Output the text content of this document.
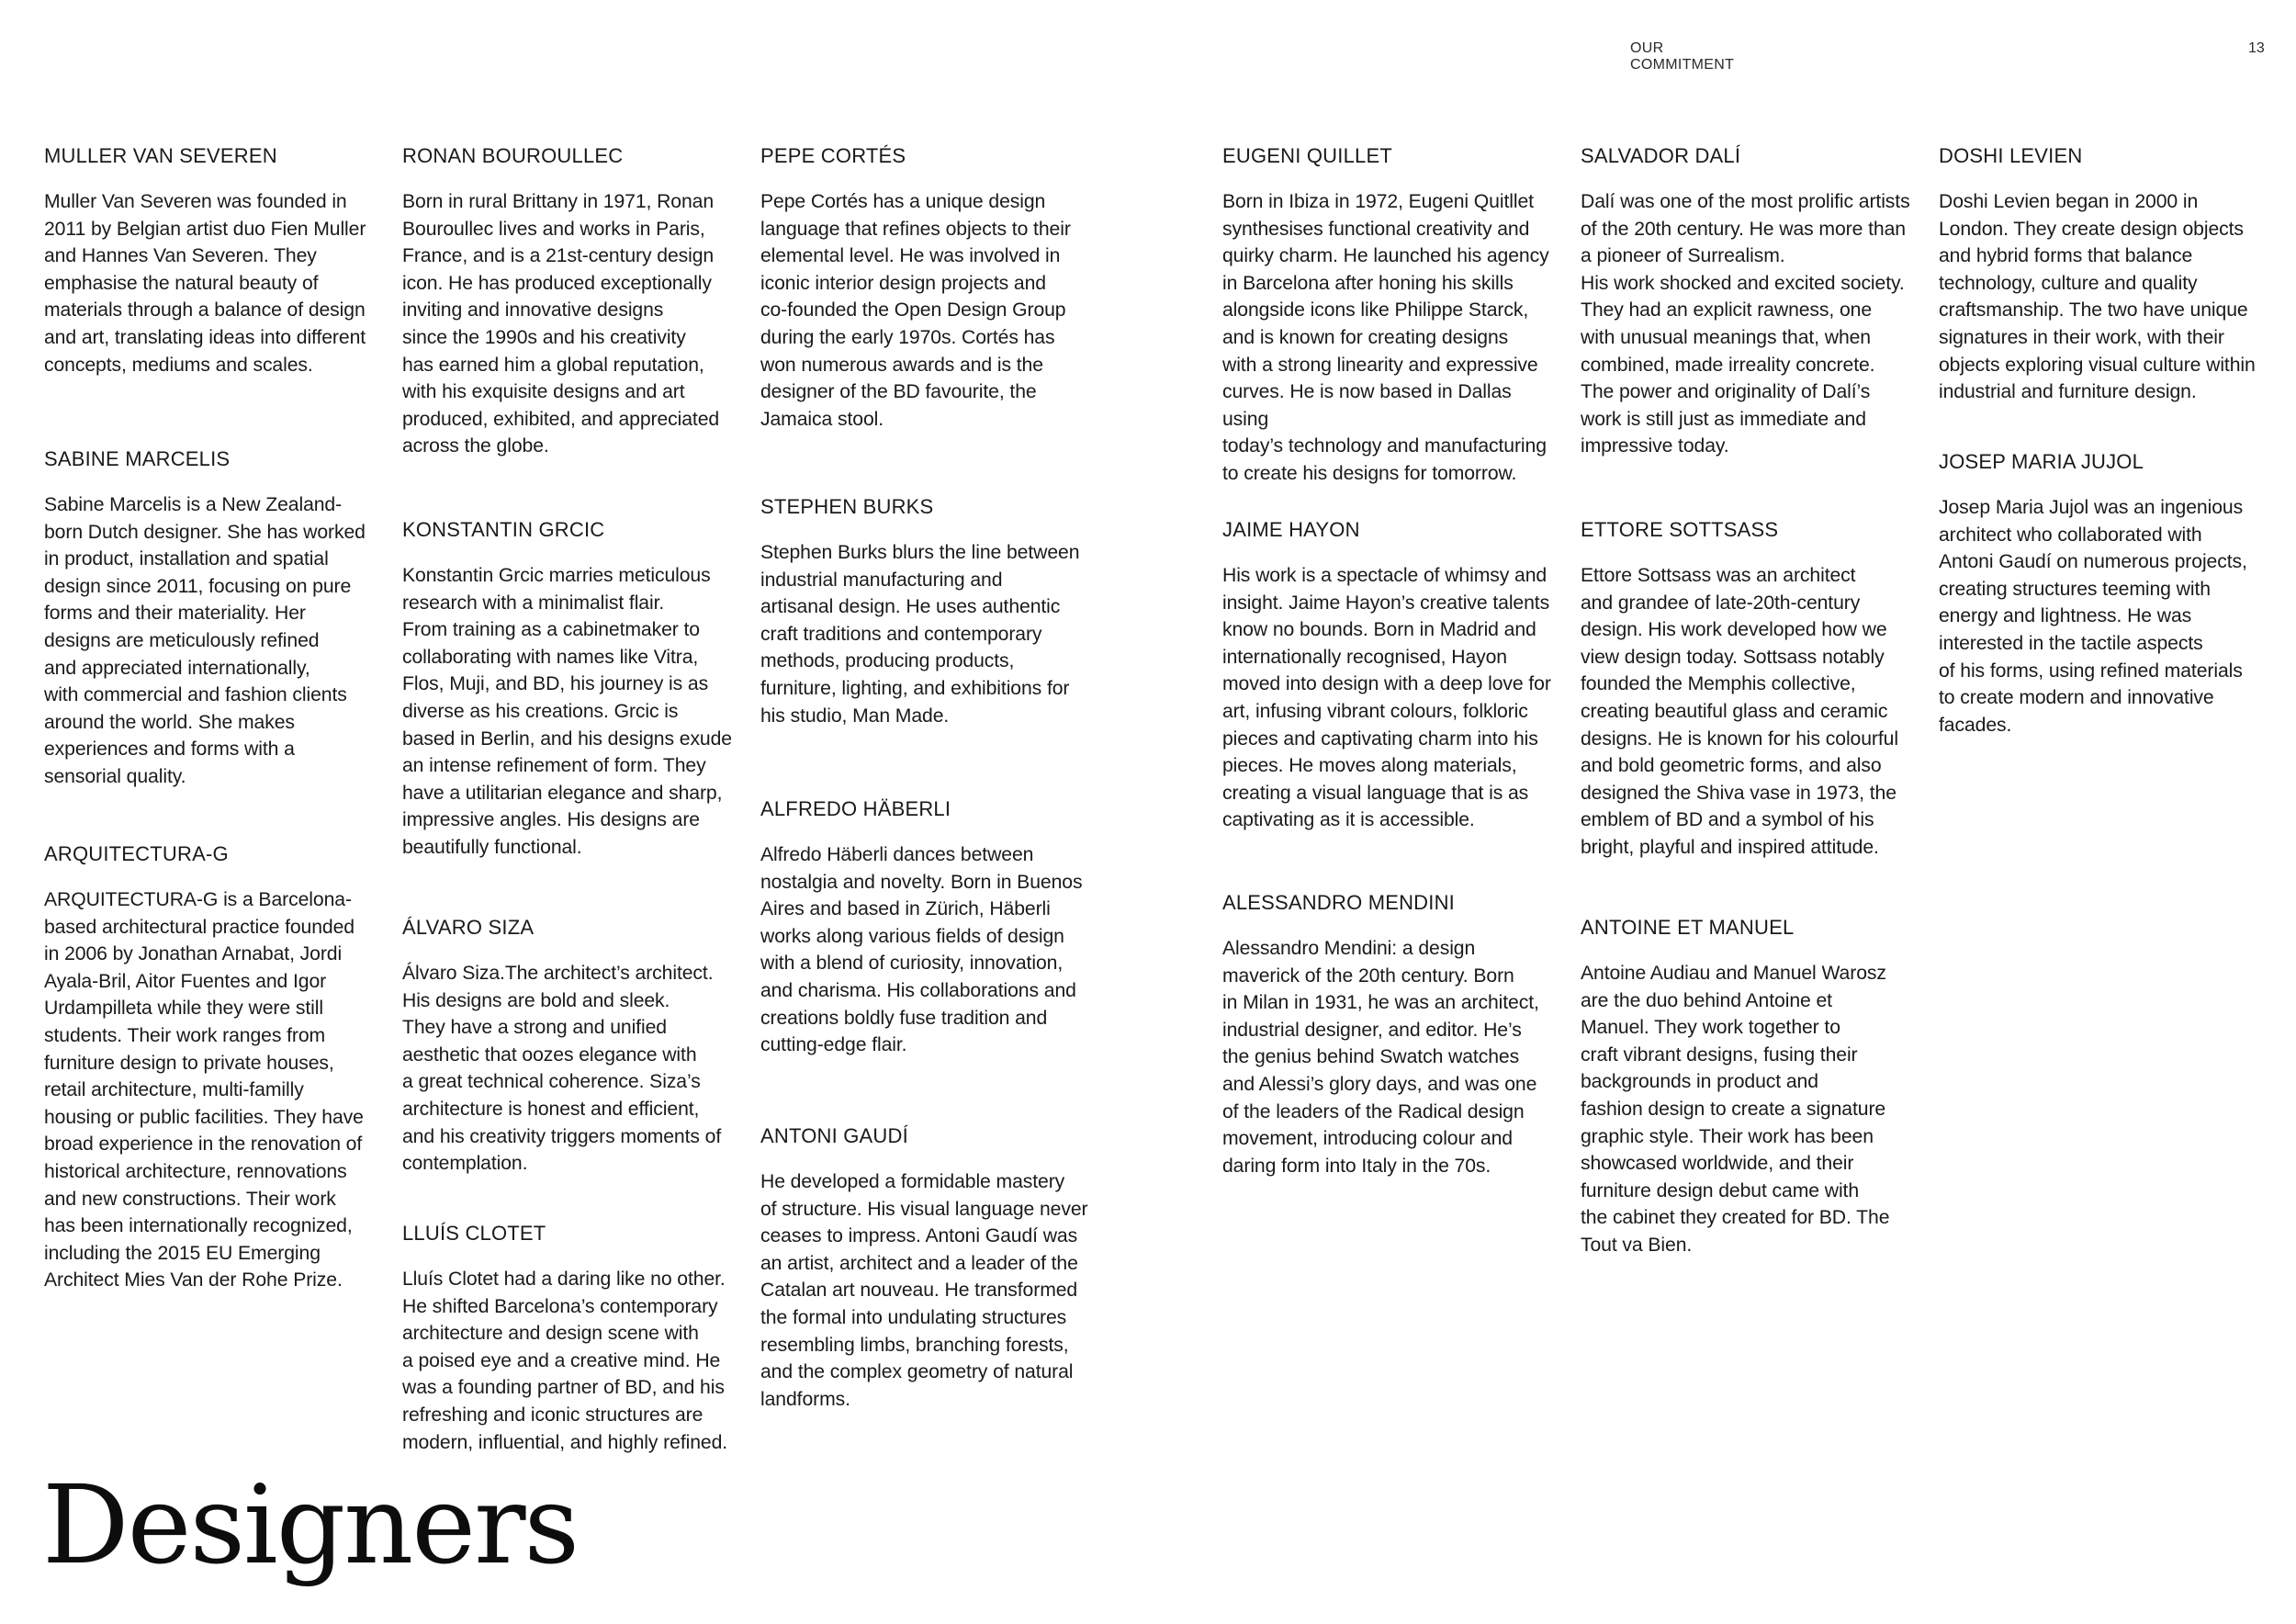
OUR COMMITMENT
13
MULLER VAN SEVEREN

Muller Van Severen was founded in
2011 by Belgian artist duo Fien Muller
and Hannes Van Severen. They
emphasise the natural beauty of
materials through a balance of design
and art, translating ideas into different
concepts, mediums and scales.

SABINE MARCELIS

Sabine Marcelis is a New Zealand-
born Dutch designer. She has worked
in product, installation and spatial
design since 2011, focusing on pure
forms and their materiality. Her
designs are meticulously refined
and appreciated internationally,
with commercial and fashion clients
around the world. She makes
experiences and forms with a
sensorial quality.

ARQUITECTURA-G

ARQUITECTURA-G is a Barcelona-
based architectural practice founded
in 2006 by Jonathan Arnabat, Jordi
Ayala-Bril, Aitor Fuentes and Igor
Urdampilleta while they were still
students. Their work ranges from
furniture design to private houses,
retail architecture, multi-familly
housing or public facilities. They have
broad experience in the renovation of
historical architecture, rennovations
and new constructions. Their work
has been internationally recognized,
including the 2015 EU Emerging
Architect Mies Van der Rohe Prize.

RONAN BOUROULLEC

Born in rural Brittany in 1971, Ronan
Bouroullec lives and works in Paris,
France, and is a 21st-century design
icon. He has produced exceptionally
inviting and innovative designs
since the 1990s and his creativity
has earned him a global reputation,
with his exquisite designs and art
produced, exhibited, and appreciated
across the globe.

KONSTANTIN GRCIC

Konstantin Grcic marries meticulous
research with a minimalist flair.
From training as a cabinetmaker to
collaborating with names like Vitra,
Flos, Muji, and BD, his journey is as
diverse as his creations. Grcic is
based in Berlin, and his designs exude
an intense refinement of form. They
have a utilitarian elegance and sharp,
impressive angles. His designs are
beautifully functional.

ÁLVARO SIZA

Álvaro Siza.The architect’s architect.
His designs are bold and sleek.
They have a strong and unified
aesthetic that oozes elegance with
a great technical coherence. Siza’s
architecture is honest and efficient,
and his creativity triggers moments of
contemplation.

LLUÍS CLOTET

Lluís Clotet had a daring like no other.
He shifted Barcelona’s contemporary
architecture and design scene with
a poised eye and a creative mind. He
was a founding partner of BD, and his
refreshing and iconic structures are
modern, influential, and highly refined.

PEPE CORTÉS

Pepe Cortés has a unique design
language that refines objects to their
elemental level. He was involved in
iconic interior design projects and
co-founded the Open Design Group
during the early 1970s. Cortés has
won numerous awards and is the
designer of the BD favourite, the
Jamaica stool.

STEPHEN BURKS

Stephen Burks blurs the line between
industrial manufacturing and
artisanal design. He uses authentic
craft traditions and contemporary
methods, producing products,
furniture, lighting, and exhibitions for
his studio, Man Made.

ALFREDO HÄBERLI

Alfredo Häberli dances between
nostalgia and novelty. Born in Buenos
Aires and based in Zürich, Häberli
works along various fields of design
with a blend of curiosity, innovation,
and charisma. His collaborations and
creations boldly fuse tradition and
cutting-edge flair.

ANTONI GAUDÍ

He developed a formidable mastery
of structure. His visual language never
ceases to impress. Antoni Gaudí was
an artist, architect and a leader of the
Catalan art nouveau. He transformed
the formal into undulating structures
resembling limbs, branching forests,
and the complex geometry of natural
landforms.

EUGENI QUILLET

Born in Ibiza in 1972, Eugeni Quitllet
synthesises functional creativity and
quirky charm. He launched his agency
in Barcelona after honing his skills
alongside icons like Philippe Starck,
and is known for creating designs
with a strong linearity and expressive
curves. He is now based in Dallas using
today’s technology and manufacturing
to create his designs for tomorrow.

JAIME HAYON

His work is a spectacle of whimsy and
insight. Jaime Hayon’s creative talents
know no bounds. Born in Madrid and
internationally recognised, Hayon
moved into design with a deep love for
art, infusing vibrant colours, folkloric
pieces and captivating charm into his
pieces. He moves along materials,
creating a visual language that is as
captivating as it is accessible.

ALESSANDRO MENDINI

Alessandro Mendini: a design
maverick of the 20th century. Born
in Milan in 1931, he was an architect,
industrial designer, and editor. He’s
the genius behind Swatch watches
and Alessi’s glory days, and was one
of the leaders of the Radical design
movement, introducing colour and
daring form into Italy in the 70s.

SALVADOR DALÍ

Dalí was one of the most prolific artists
of the 20th century. He was more than
a pioneer of Surrealism.
His work shocked and excited society.
They had an explicit rawness, one
with unusual meanings that, when
combined, made irreality concrete.
The power and originality of Dalí’s
work is still just as immediate and
impressive today.

ETTORE SOTTSASS

Ettore Sottsass was an architect
and grandee of late-20th-century
design. His work developed how we
view design today. Sottsass notably
founded the Memphis collective,
creating beautiful glass and ceramic
designs. He is known for his colourful
and bold geometric forms, and also
designed the Shiva vase in 1973, the
emblem of BD and a symbol of his
bright, playful and inspired attitude.

ANTOINE ET MANUEL

Antoine Audiau and Manuel Warosz
are the duo behind Antoine et
Manuel. They work together to
craft vibrant designs, fusing their
backgrounds in product and
fashion design to create a signature
graphic style. Their work has been
showcased worldwide, and their
furniture design debut came with
the cabinet they created for BD. The
Tout va Bien.

DOSHI LEVIEN

Doshi Levien began in 2000 in
London. They create design objects
and hybrid forms that balance
technology, culture and quality
craftsmanship. The two have unique
signatures in their work, with their
objects exploring visual culture within
industrial and furniture design.

JOSEP MARIA JUJOL

Josep Maria Jujol was an ingenious
architect who collaborated with
Antoni Gaudí on numerous projects,
creating structures teeming with
energy and lightness. He was
interested in the tactile aspects
of his forms, using refined materials
to create modern and innovative
facades.

Designers
